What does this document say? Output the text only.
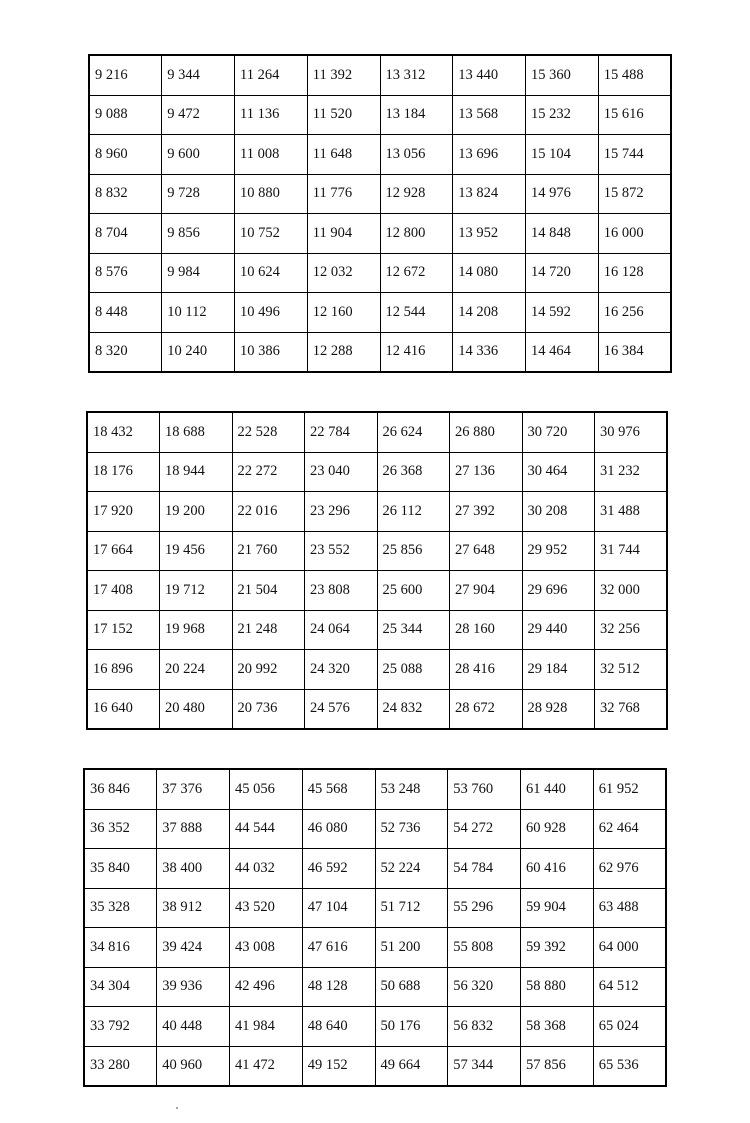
9 216	9 344	11 264	11 392	13 312	13 440	15 360	15 488
9 088	9 472	11 136	11 520	13 184	13 568	15 232	15 616
8 960	9 600	11 008	11 648	13 056	13 696	15 104	15 744
8 832	9 728	10 880	11 776	12 928	13 824	14 976	15 872
8 704	9 856	10 752	11 904	12 800	13 952	14 848	16 000
8 576	9 984	10 624	12 032	12 672	14 080	14 720	16 128
8 448	10 112	10 496	12 160	12 544	14 208	14 592	16 256
8 320	10 240	10 386	12 288	12 416	14 336	14 464	16 384
18 432	18 688	22 528	22 784	26 624	26 880	30 720	30 976
18 176	18 944	22 272	23 040	26 368	27 136	30 464	31 232
17 920	19 200	22 016	23 296	26 112	27 392	30 208	31 488
17 664	19 456	21 760	23 552	25 856	27 648	29 952	31 744
17 408	19 712	21 504	23 808	25 600	27 904	29 696	32 000
17 152	19 968	21 248	24 064	25 344	28 160	29 440	32 256
16 896	20 224	20 992	24 320	25 088	28 416	29 184	32 512
16 640	20 480	20 736	24 576	24 832	28 672	28 928	32 768
36 846	37 376	45 056	45 568	53 248	53 760	61 440	61 952
36 352	37 888	44 544	46 080	52 736	54 272	60 928	62 464
35 840	38 400	44 032	46 592	52 224	54 784	60 416	62 976
35 328	38 912	43 520	47 104	51 712	55 296	59 904	63 488
34 816	39 424	43 008	47 616	51 200	55 808	59 392	64 000
34 304	39 936	42 496	48 128	50 688	56 320	58 880	64 512
33 792	40 448	41 984	48 640	50 176	56 832	58 368	65 024
33 280	40 960	41 472	49 152	49 664	57 344	57 856	65 536
